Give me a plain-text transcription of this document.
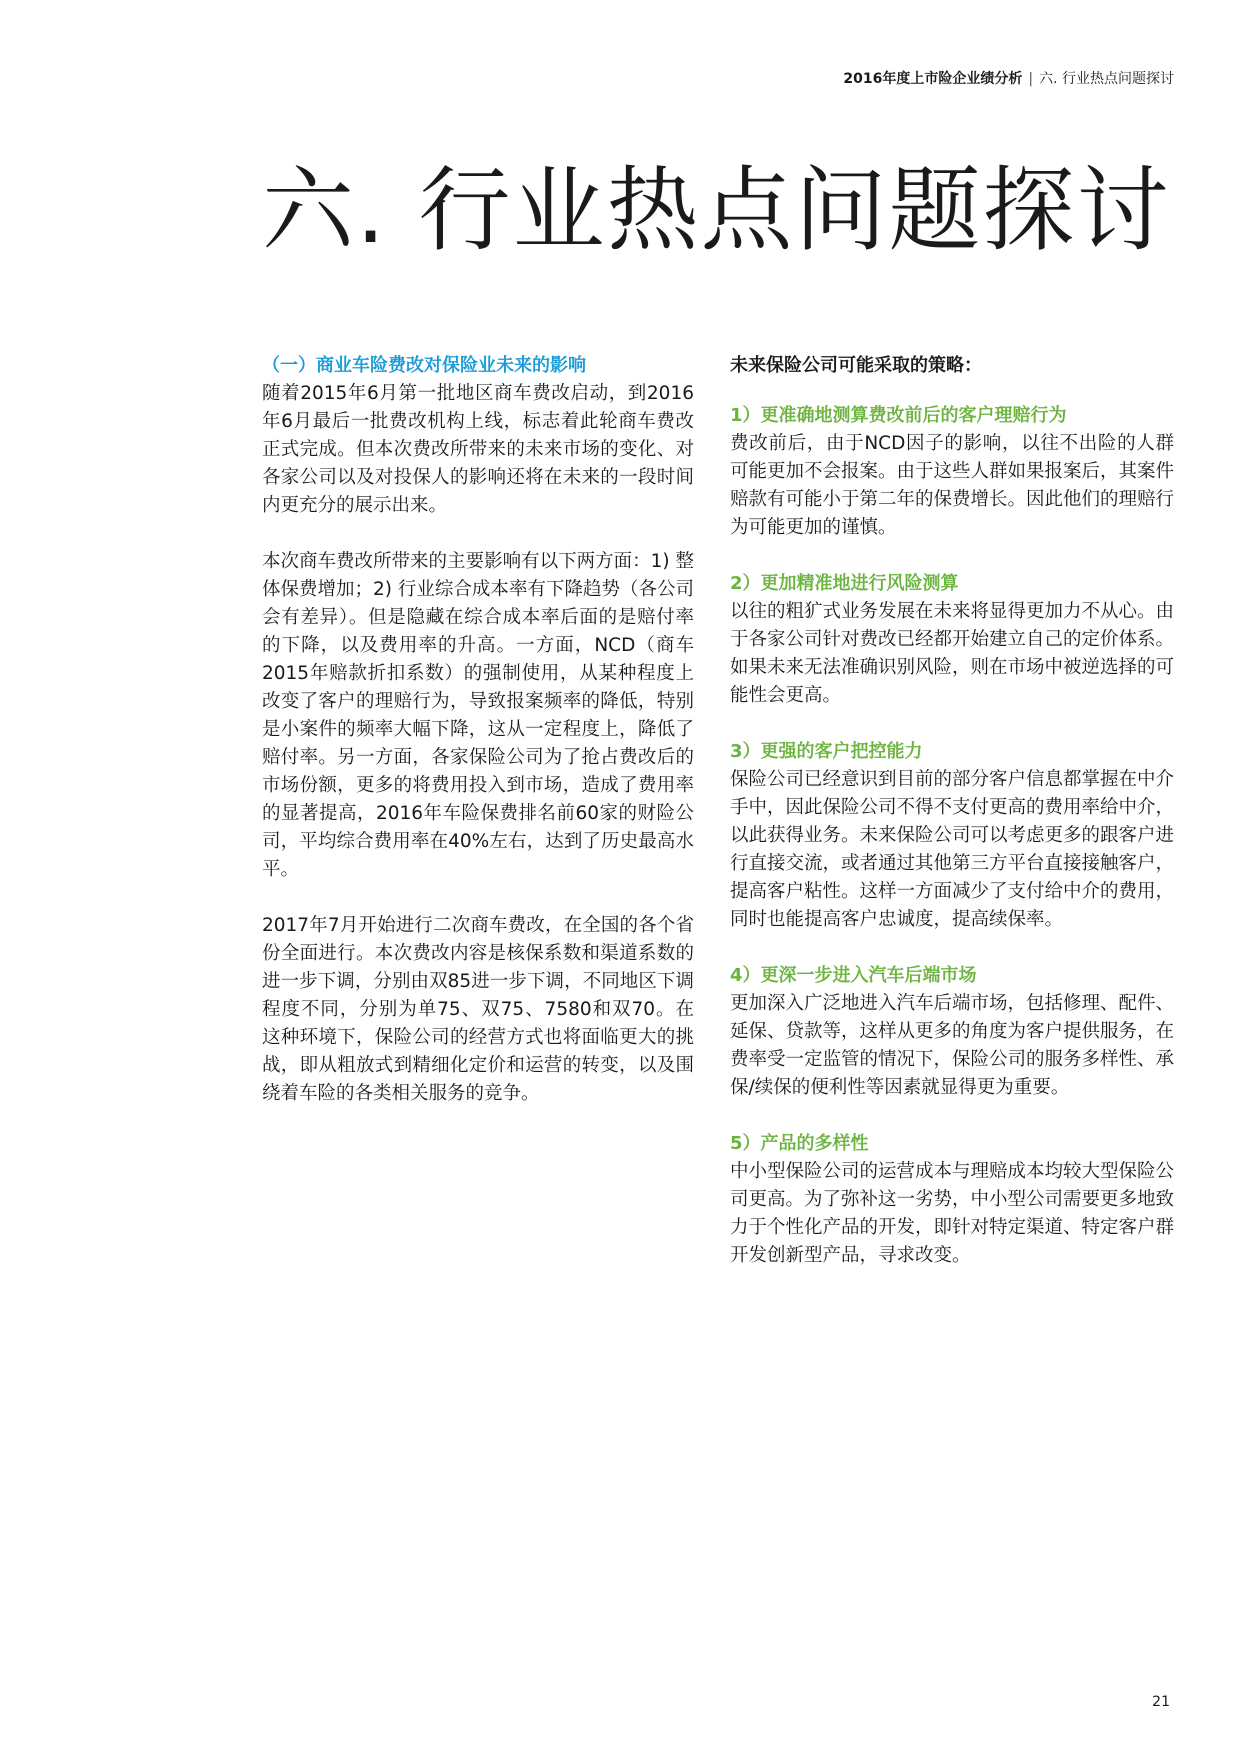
2016年度上市险企业绩分析 | 六. 行业热点问题探讨
六. 行业热点问题探讨
（一）商业车险费改对保险业未来的影响

随着2015年6月第一批地区商车费改启动，到2016年6月最后一批费改机构上线，标志着此轮商车费改正式完成。但本次费改所带来的未来市场的变化、对各家公司以及对投保人的影响还将在未来的一段时间内更充分的展示出来。

本次商车费改所带来的主要影响有以下两方面：1) 整体保费增加；2) 行业综合成本率有下降趋势（各公司会有差异）。但是隐藏在综合成本率后面的是赔付率的下降，以及费用率的升高。一方面，NCD（商车2015年赔款折扣系数）的强制使用，从某种程度上改变了客户的理赔行为，导致报案频率的降低，特别是小案件的频率大幅下降，这从一定程度上，降低了赔付率。另一方面，各家保险公司为了抢占费改后的市场份额，更多的将费用投入到市场，造成了费用率的显著提高，2016年车险保费排名前60家的财险公司，平均综合费用率在40%左右，达到了历史最高水平。

2017年7月开始进行二次商车费改，在全国的各个省份全面进行。本次费改内容是核保系数和渠道系数的进一步下调，分别由双85进一步下调，不同地区下调程度不同，分别为单75、双75、7580和双70。在这种环境下，保险公司的经营方式也将面临更大的挑战，即从粗放式到精细化定价和运营的转变，以及围绕着车险的各类相关服务的竞争。

未来保险公司可能采取的策略：
1）更准确地测算费改前后的客户理赔行为

费改前后，由于NCD因子的影响，以往不出险的人群可能更加不会报案。由于这些人群如果报案后，其案件赔款有可能小于第二年的保费增长。因此他们的理赔行为可能更加的谨慎。

2）更加精准地进行风险测算

以往的粗犷式业务发展在未来将显得更加力不从心。由于各家公司针对费改已经都开始建立自己的定价体系。如果未来无法准确识别风险，则在市场中被逆选择的可能性会更高。

3）更强的客户把控能力

保险公司已经意识到目前的部分客户信息都掌握在中介手中，因此保险公司不得不支付更高的费用率给中介，以此获得业务。未来保险公司可以考虑更多的跟客户进行直接交流，或者通过其他第三方平台直接接触客户，提高客户粘性。这样一方面减少了支付给中介的费用，同时也能提高客户忠诚度，提高续保率。

4）更深一步进入汽车后端市场

更加深入广泛地进入汽车后端市场，包括修理、配件、延保、贷款等，这样从更多的角度为客户提供服务，在费率受一定监管的情况下，保险公司的服务多样性、承保/续保的便利性等因素就显得更为重要。

5）产品的多样性

中小型保险公司的运营成本与理赔成本均较大型保险公司更高。为了弥补这一劣势，中小型公司需要更多地致力于个性化产品的开发，即针对特定渠道、特定客户群开发创新型产品，寻求改变。

21
